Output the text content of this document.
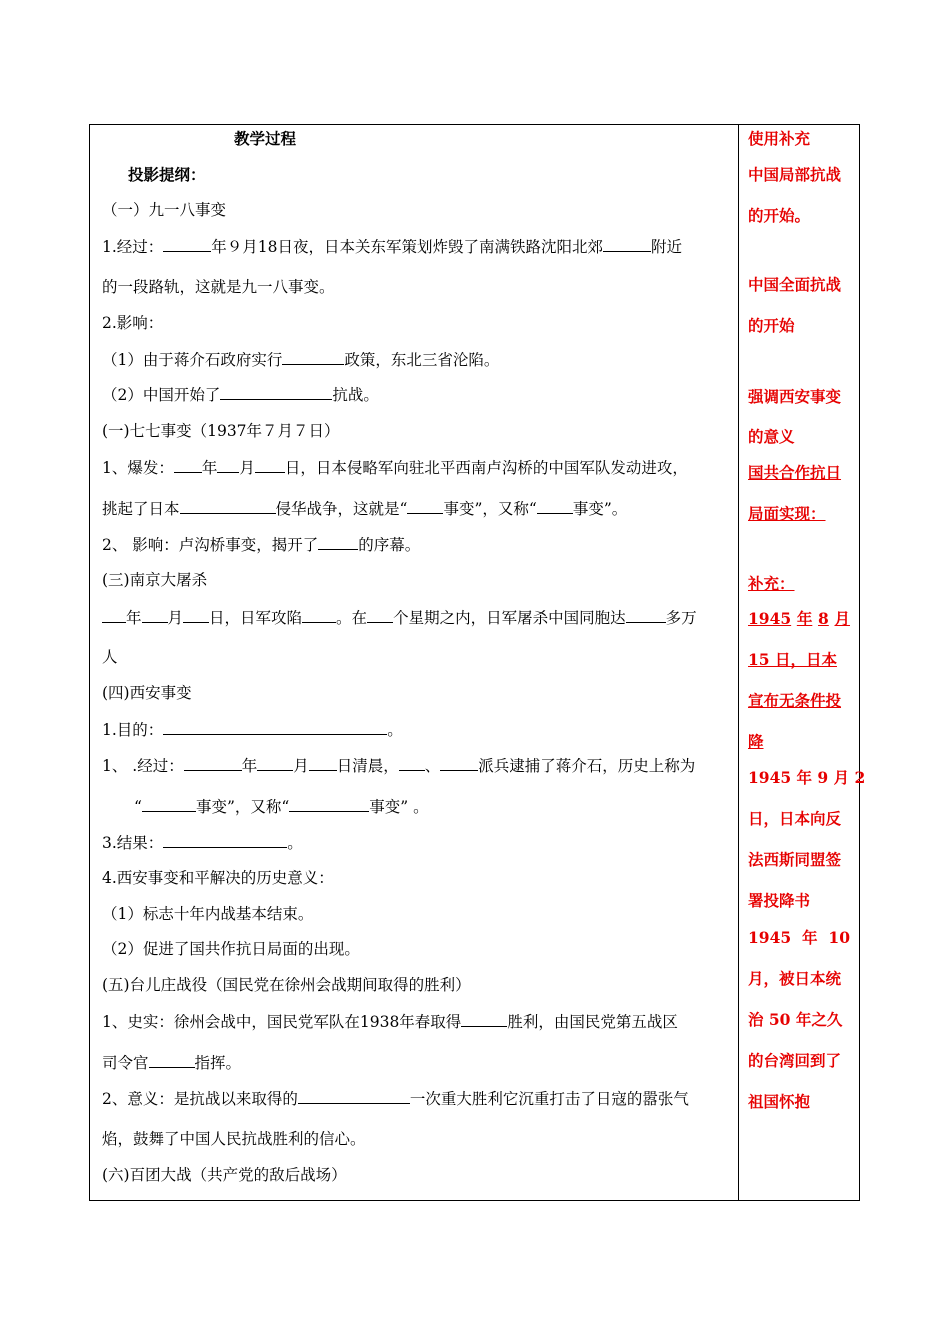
教学过程
投影提纲：
（一）九一八事变
1.经过：	年９月18日夜，日本关东军策划炸毁了南满铁路沈阳北郊	附近
的一段路轨，这就是九一八事变。
2.影响：
（1）由于蒋介石政府实行	政策，东北三省沦陷。
（2）中国开始了	抗战。
(一)七七事变（1937年７月７日）
1、爆发： 年 月 日，日本侵略军向驻北平西南卢沟桥的中国军队发动进攻，
挑起了日本	侵华战争，这就是“ 事变”，又称“ 事变”。
2、 影响：卢沟桥事变，揭开了	的序幕。
(三)南京大屠杀
年 月 日，日军攻陷 。在 个星期之内，日军屠杀中国同胞达	多万
人
(四)西安事变
1.目的：	。
1、 .经过：	年 月 日清晨， 、 派兵逮捕了蒋介石，历史上称为
“	事变”，又称“	事变” 。
3.结果：	。
4.西安事变和平解决的历史意义：
（1）标志十年内战基本结束。
（2）促进了国共作抗日局面的出现。
(五)台儿庄战役（国民党在徐州会战期间取得的胜利）
1、史实：徐州会战中，国民党军队在1938年春取得	胜利，由国民党第五战区
司令官	指挥。
2、意义：是抗战以来取得的	一次重大胜利它沉重打击了日寇的嚣张气
焰，鼓舞了中国人民抗战胜利的信心。
(六)百团大战（共产党的敌后战场）
使用补充
中国局部抗战
的开始。
中国全面抗战
的开始
强调西安事变
的意义
国共合作抗日
局面实现：
补充：
1945 年 8 月
15 日，日本
宣布无条件投
降
1945 年 9 月 2
日，日本向反
法西斯同盟签
署投降书
1945 年 10
月，被日本统
治 50 年之久
的台湾回到了
祖国怀抱
